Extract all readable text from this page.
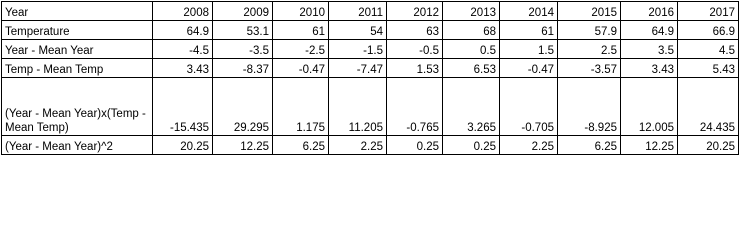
Year	2008	2009	2010	2011	2012	2013	2014	2015	2016	2017
Temperature	64.9	53.1	61	54	63	68	61	57.9	64.9	66.9
Year - Mean Year	-4.5	-3.5	-2.5	-1.5	-0.5	0.5	1.5	2.5	3.5	4.5
Temp - Mean Temp	3.43	-8.37	-0.47	-7.47	1.53	6.53	-0.47	-3.57	3.43	5.43
(Year - Mean Year)x(Temp - Mean Temp)	-15.435	29.295	1.175	11.205	-0.765	3.265	-0.705	-8.925	12.005	24.435
(Year - Mean Year)^2	20.25	12.25	6.25	2.25	0.25	0.25	2.25	6.25	12.25	20.25
